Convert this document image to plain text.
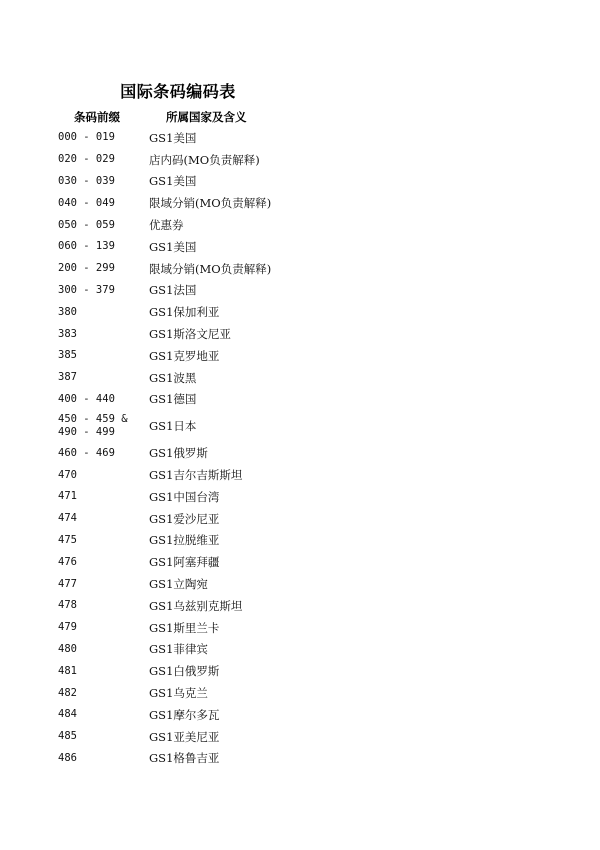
国际条码编码表
条码前缀	所属国家及含义
000 - 019	GS1美国
020 - 029	店内码(MO负责解释)
030 - 039	GS1美国
040 - 049	限域分销(MO负责解释)
050 - 059	优惠券
060 - 139	GS1美国
200 - 299	限域分销(MO负责解释)
300 - 379	GS1法国
380	GS1保加利亚
383	GS1斯洛文尼亚
385	GS1克罗地亚
387	GS1波黑
400 - 440	GS1德国
450 - 459 &
490 - 499	GS1日本
460 - 469	GS1俄罗斯
470	GS1吉尔吉斯斯坦
471	GS1中国台湾
474	GS1爱沙尼亚
475	GS1拉脱维亚
476	GS1阿塞拜疆
477	GS1立陶宛
478	GS1乌兹别克斯坦
479	GS1斯里兰卡
480	GS1菲律宾
481	GS1白俄罗斯
482	GS1乌克兰
484	GS1摩尔多瓦
485	GS1亚美尼亚
486	GS1格鲁吉亚
